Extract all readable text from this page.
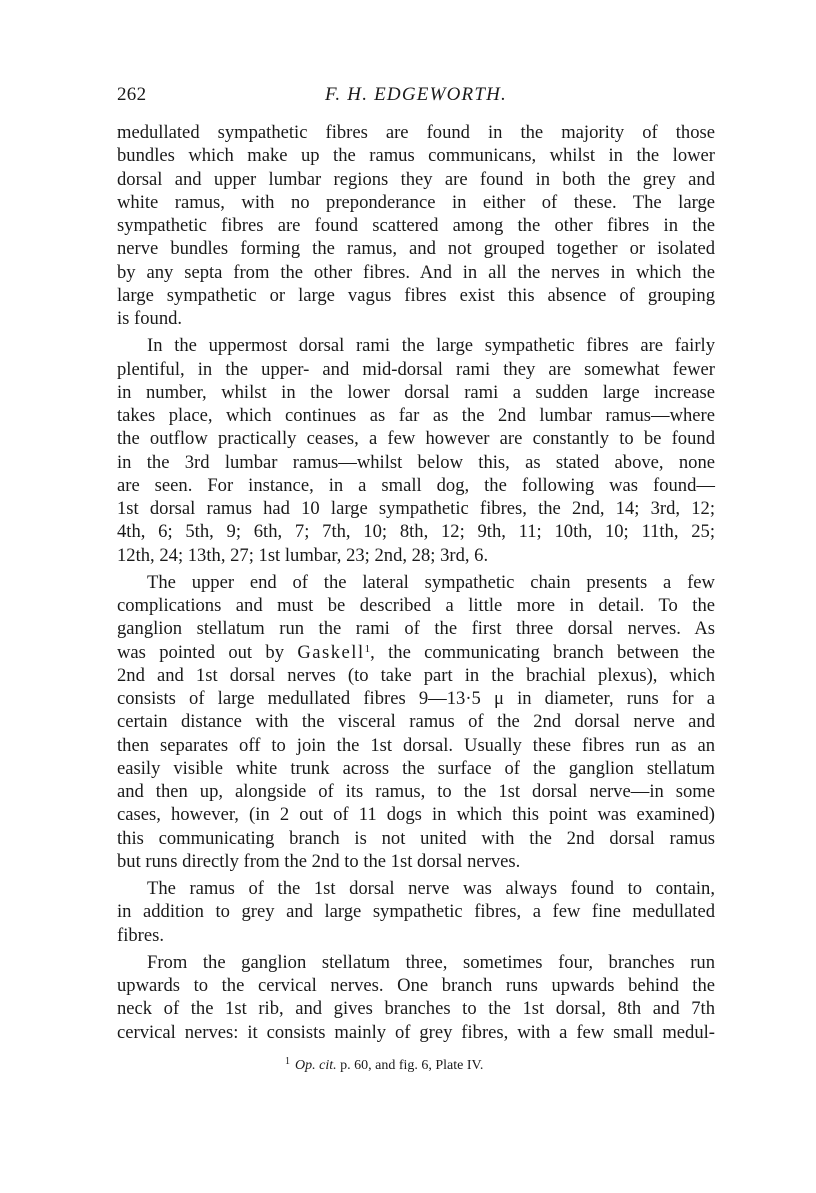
262	F. H. EDGEWORTH.
medullated sympathetic fibres are found in the majority of those
bundles which make up the ramus communicans, whilst in the lower
dorsal and upper lumbar regions they are found in both the grey and
white ramus, with no preponderance in either of these. The large
sympathetic fibres are found scattered among the other fibres in the
nerve bundles forming the ramus, and not grouped together or isolated
by any septa from the other fibres. And in all the nerves in which the
large sympathetic or large vagus fibres exist this absence of grouping
is found.
In the uppermost dorsal rami the large sympathetic fibres are fairly
plentiful, in the upper- and mid-dorsal rami they are somewhat fewer
in number, whilst in the lower dorsal rami a sudden large increase
takes place, which continues as far as the 2nd lumbar ramus—where
the outflow practically ceases, a few however are constantly to be found
in the 3rd lumbar ramus—whilst below this, as stated above, none
are seen. For instance, in a small dog, the following was found—
1st dorsal ramus had 10 large sympathetic fibres, the 2nd, 14; 3rd, 12;
4th, 6; 5th, 9; 6th, 7; 7th, 10; 8th, 12; 9th, 11; 10th, 10; 11th, 25;
12th, 24; 13th, 27; 1st lumbar, 23; 2nd, 28; 3rd, 6.
The upper end of the lateral sympathetic chain presents a few
complications and must be described a little more in detail. To the
ganglion stellatum run the rami of the first three dorsal nerves. As
was pointed out by Gaskell$^1$, the communicating branch between the
2nd and 1st dorsal nerves (to take part in the brachial plexus), which
consists of large medullated fibres 9—13·5 μ in diameter, runs for a
certain distance with the visceral ramus of the 2nd dorsal nerve and
then separates off to join the 1st dorsal. Usually these fibres run as an
easily visible white trunk across the surface of the ganglion stellatum
and then up, alongside of its ramus, to the 1st dorsal nerve—in some
cases, however, (in 2 out of 11 dogs in which this point was examined)
this communicating branch is not united with the 2nd dorsal ramus
but runs directly from the 2nd to the 1st dorsal nerves.
The ramus of the 1st dorsal nerve was always found to contain,
in addition to grey and large sympathetic fibres, a few fine medullated
fibres.
From the ganglion stellatum three, sometimes four, branches run
upwards to the cervical nerves. One branch runs upwards behind the
neck of the 1st rib, and gives branches to the 1st dorsal, 8th and 7th
cervical nerves: it consists mainly of grey fibres, with a few small medul-
$^1$ Op. cit. p. 60, and fig. 6, Plate IV.
